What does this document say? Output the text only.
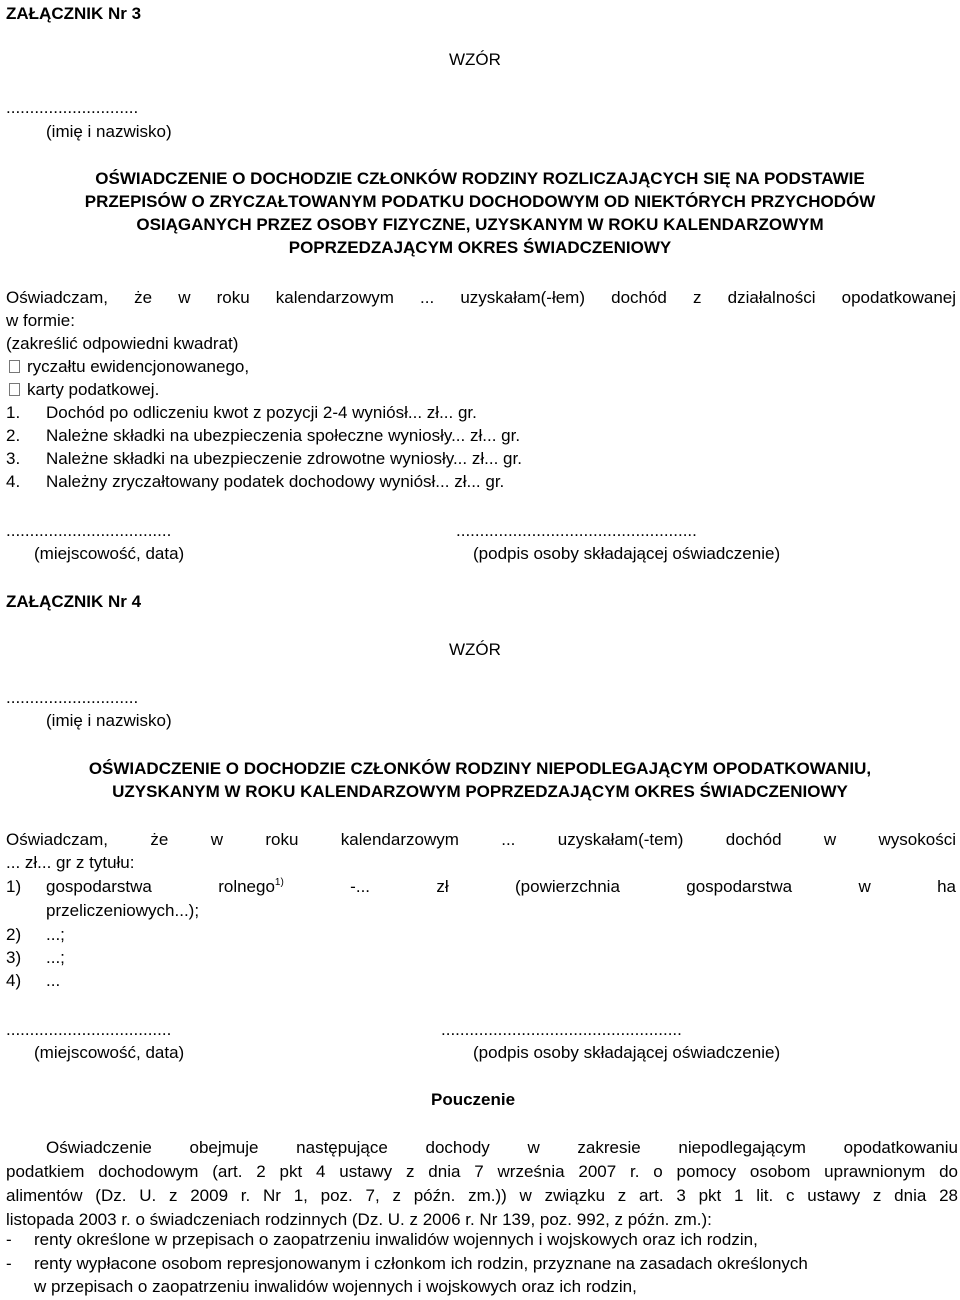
ZAŁĄCZNIK Nr 3
WZÓR
............................
(imię i nazwisko)
OŚWIADCZENIE O DOCHODZIE CZŁONKÓW RODZINY ROZLICZAJĄCYCH SIĘ NA PODSTAWIE
PRZEPISÓW O ZRYCZAŁTOWANYM PODATKU DOCHODOWYM OD NIEKTÓRYCH PRZYCHODÓW
OSIĄGANYCH PRZEZ OSOBY FIZYCZNE, UZYSKANYM W ROKU KALENDARZOWYM
POPRZEDZAJĄCYM OKRES ŚWIADCZENIOWY
Oświadczam, że w roku kalendarzowym ... uzyskałam(-łem) dochód z działalności opodatkowanej
w formie:
(zakreślić odpowiedni kwadrat)
ryczałtu ewidencjonowanego,
karty podatkowej.
1. Dochód po odliczeniu kwot z pozycji 2-4 wyniósł... zł... gr.
2. Należne składki na ubezpieczenia społeczne wyniosły... zł... gr.
3. Należne składki na ubezpieczenie zdrowotne wyniosły... zł... gr.
4. Należny zryczałtowany podatek dochodowy wyniósł... zł... gr.
...................................	...................................................
(miejscowość, data)	(podpis osoby składającej oświadczenie)
ZAŁĄCZNIK Nr 4
WZÓR
............................
(imię i nazwisko)
OŚWIADCZENIE O DOCHODZIE CZŁONKÓW RODZINY NIEPODLEGAJĄCYM OPODATKOWANIU,
UZYSKANYM W ROKU KALENDARZOWYM POPRZEDZAJĄCYM OKRES ŚWIADCZENIOWY
Oświadczam, że w roku kalendarzowym ... uzyskałam(-tem) dochód w wysokości
... zł... gr z tytułu:
1) gospodarstwa rolnego$^{1)}$ -... zł (powierzchnia gospodarstwa w ha
przeliczeniowych...);
2) ...;
3) ...;
4) ...
...................................	...................................................
(miejscowość, data)	(podpis osoby składającej oświadczenie)
Pouczenie
Oświadczenie obejmuje następujące dochody w zakresie niepodlegającym opodatkowaniu
podatkiem dochodowym (art. 2 pkt 4 ustawy z dnia 7 września 2007 r. o pomocy osobom uprawnionym do
alimentów (Dz. U. z 2009 r. Nr 1, poz. 7, z późn. zm.)) w związku z art. 3 pkt 1 lit. c ustawy z dnia 28
listopada 2003 r. o świadczeniach rodzinnych (Dz. U. z 2006 r. Nr 139, poz. 992, z późn. zm.):
- renty określone w przepisach o zaopatrzeniu inwalidów wojennych i wojskowych oraz ich rodzin,
- renty wypłacone osobom represjonowanym i członkom ich rodzin, przyznane na zasadach określonych
w przepisach o zaopatrzeniu inwalidów wojennych i wojskowych oraz ich rodzin,
